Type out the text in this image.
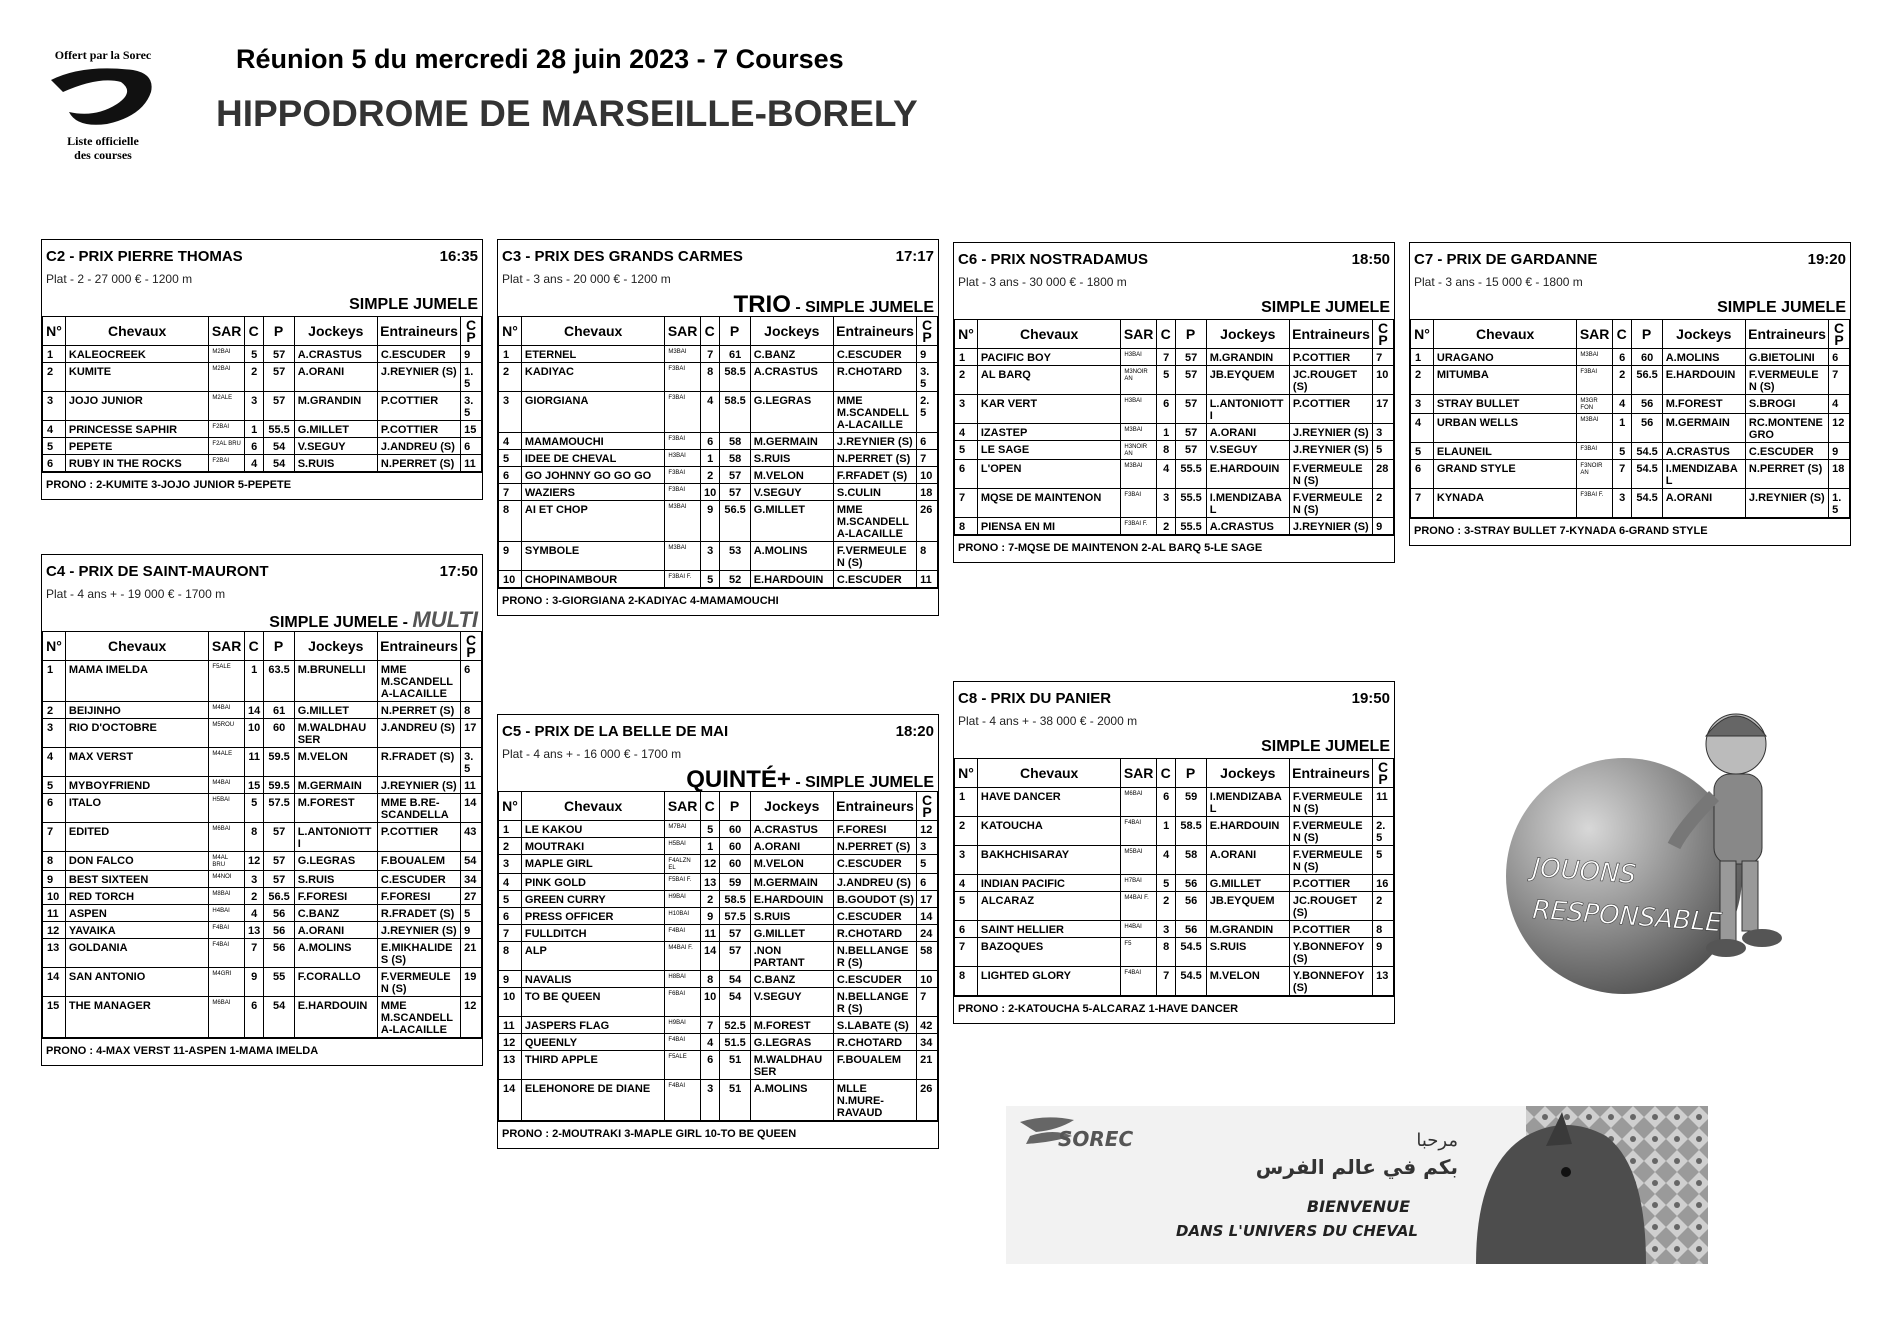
Offert par la Sorec
Liste officielle
des courses
Réunion 5 du mercredi 28 juin 2023 - 7 Courses
HIPPODROME DE MARSEILLE-BORELY
C2 - PRIX PIERRE THOMAS	16:35
Plat - 2 - 27 000 € - 1200 m
SIMPLE JUMELE
N°	Chevaux	SAR	C	P	Jockeys	Entraineurs	CP
1	KALEOCREEK	M2BAI	5	57	A.CRASTUS	C.ESCUDER	9
2	KUMITE	M2BAI	2	57	A.ORANI	J.REYNIER (S)	1.5
3	JOJO JUNIOR	M2ALE	3	57	M.GRANDIN	P.COTTIER	3.5
4	PRINCESSE SAPHIR	F2BAI	1	55.5	G.MILLET	P.COTTIER	15
5	PEPETE	F2AL BRU	6	54	V.SEGUY	J.ANDREU (S)	6
6	RUBY IN THE ROCKS	F2BAI	4	54	S.RUIS	N.PERRET (S)	11
PRONO : 2-KUMITE 3-JOJO JUNIOR 5-PEPETE
C3 - PRIX DES GRANDS CARMES	17:17
Plat - 3 ans - 20 000 € - 1200 m
TRIO - SIMPLE JUMELE
N°	Chevaux	SAR	C	P	Jockeys	Entraineurs	CP
1	ETERNEL	M3BAI	7	61	C.BANZ	C.ESCUDER	9
2	KADIYAC	F3BAI	8	58.5	A.CRASTUS	R.CHOTARD	3.5
3	GIORGIANA	F3BAI	4	58.5	G.LEGRAS	MME M.SCANDELL A-LACAILLE	2.5
4	MAMAMOUCHI	F3BAI	6	58	M.GERMAIN	J.REYNIER (S)	6
5	IDEE DE CHEVAL	H3BAI	1	58	S.RUIS	N.PERRET (S)	7
6	GO JOHNNY GO GO GO	F3BAI	2	57	M.VELON	F.RFADET (S)	10
7	WAZIERS	F3BAI	10	57	V.SEGUY	S.CULIN	18
8	AI ET CHOP	M3BAI	9	56.5	G.MILLET	MME M.SCANDELL A-LACAILLE	26
9	SYMBOLE	M3BAI	3	53	A.MOLINS	F.VERMEULE N (S)	8
10	CHOPINAMBOUR	F3BAI F.	5	52	E.HARDOUIN	C.ESCUDER	11
PRONO : 3-GIORGIANA 2-KADIYAC 4-MAMAMOUCHI
C4 - PRIX DE SAINT-MAURONT	17:50
Plat - 4 ans + - 19 000 € - 1700 m
SIMPLE JUMELE - MULTI
N°	Chevaux	SAR	C	P	Jockeys	Entraineurs	CP
1	MAMA IMELDA	F5ALE	1	63.5	M.BRUNELLI	MME M.SCANDELL A-LACAILLE	6
2	BEIJINHO	M4BAI	14	61	G.MILLET	N.PERRET (S)	8
3	RIO D'OCTOBRE	M5ROU	10	60	M.WALDHAU SER	J.ANDREU (S)	17
4	MAX VERST	M4ALE	11	59.5	M.VELON	R.FRADET (S)	3.5
5	MYBOYFRIEND	M4BAI	15	59.5	M.GERMAIN	J.REYNIER (S)	11
6	ITALO	H5BAI	5	57.5	M.FOREST	MME B.RE-SCANDELLA	14
7	EDITED	M6BAI	8	57	L.ANTONIOTT I	P.COTTIER	43
8	DON FALCO	M4AL BRU	12	57	G.LEGRAS	F.BOUALEM	54
9	BEST SIXTEEN	M4NOI	3	57	S.RUIS	C.ESCUDER	34
10	RED TORCH	M8BAI	2	56.5	F.FORESI	F.FORESI	27
11	ASPEN	H4BAI	4	56	C.BANZ	R.FRADET (S)	5
12	YAVAIKA	F4BAI	13	56	A.ORANI	J.REYNIER (S)	9
13	GOLDANIA	F4BAI	7	56	A.MOLINS	E.MIKHALIDE S (S)	21
14	SAN ANTONIO	M4GRI	9	55	F.CORALLO	F.VERMEULE N (S)	19
15	THE MANAGER	M6BAI	6	54	E.HARDOUIN	MME M.SCANDELL A-LACAILLE	12
PRONO : 4-MAX VERST 11-ASPEN 1-MAMA IMELDA
C5 - PRIX DE LA BELLE DE MAI	18:20
Plat - 4 ans + - 16 000 € - 1700 m
QUINTÉ+ - SIMPLE JUMELE
N°	Chevaux	SAR	C	P	Jockeys	Entraineurs	CP
1	LE KAKOU	M7BAI	5	60	A.CRASTUS	F.FORESI	12
2	MOUTRAKI	H5BAI	1	60	A.ORANI	N.PERRET (S)	3
3	MAPLE GIRL	F4ALZN EL	12	60	M.VELON	C.ESCUDER	5
4	PINK GOLD	F5BAI F.	13	59	M.GERMAIN	J.ANDREU (S)	6
5	GREEN CURRY	H9BAI	2	58.5	E.HARDOUIN	B.GOUDOT (S)	17
6	PRESS OFFICER	H10BAI	9	57.5	S.RUIS	C.ESCUDER	14
7	FULLDITCH	F4BAI	11	57	G.MILLET	R.CHOTARD	24
8	ALP	M4BAI F.	14	57	.NON PARTANT	N.BELLANGE R (S)	58
9	NAVALIS	H8BAI	8	54	C.BANZ	C.ESCUDER	10
10	TO BE QUEEN	F6BAI	10	54	V.SEGUY	N.BELLANGE R (S)	7
11	JASPERS FLAG	H9BAI	7	52.5	M.FOREST	S.LABATE (S)	42
12	QUEENLY	F4BAI	4	51.5	G.LEGRAS	R.CHOTARD	34
13	THIRD APPLE	F5ALE	6	51	M.WALDHAU SER	F.BOUALEM	21
14	ELEHONORE DE DIANE	F4BAI	3	51	A.MOLINS	MLLE N.MURE-RAVAUD	26
PRONO : 2-MOUTRAKI 3-MAPLE GIRL 10-TO BE QUEEN
C6 - PRIX NOSTRADAMUS	18:50
Plat - 3 ans - 30 000 € - 1800 m
SIMPLE JUMELE
N°	Chevaux	SAR	C	P	Jockeys	Entraineurs	CP
1	PACIFIC BOY	H3BAI	7	57	M.GRANDIN	P.COTTIER	7
2	AL BARQ	M3NOIR AN	5	57	JB.EYQUEM	JC.ROUGET (S)	10
3	KAR VERT	H3BAI	6	57	L.ANTONIOTT I	P.COTTIER	17
4	IZASTEP	M3BAI	1	57	A.ORANI	J.REYNIER (S)	3
5	LE SAGE	H3NOIR AN	8	57	V.SEGUY	J.REYNIER (S)	5
6	L'OPEN	M3BAI	4	55.5	E.HARDOUIN	F.VERMEULE N (S)	28
7	MQSE DE MAINTENON	F3BAI	3	55.5	I.MENDIZABA L	F.VERMEULE N (S)	2
8	PIENSA EN MI	F3BAI F.	2	55.5	A.CRASTUS	J.REYNIER (S)	9
PRONO : 7-MQSE DE MAINTENON 2-AL BARQ 5-LE SAGE
C7 - PRIX DE GARDANNE	19:20
Plat - 3 ans - 15 000 € - 1800 m
SIMPLE JUMELE
N°	Chevaux	SAR	C	P	Jockeys	Entraineurs	CP
1	URAGANO	M3BAI	6	60	A.MOLINS	G.BIETOLINI	6
2	MITUMBA	F3BAI	2	56.5	E.HARDOUIN	F.VERMEULE N (S)	7
3	STRAY BULLET	M3GR FON	4	56	M.FOREST	S.BROGI	4
4	URBAN WELLS	M3BAI	1	56	M.GERMAIN	RC.MONTENE GRO	12
5	ELAUNEIL	F3BAI	5	54.5	A.CRASTUS	C.ESCUDER	9
6	GRAND STYLE	F3NOIR AN	7	54.5	I.MENDIZABA L	N.PERRET (S)	18
7	KYNADA	F3BAI F.	3	54.5	A.ORANI	J.REYNIER (S)	1.5
PRONO : 3-STRAY BULLET 7-KYNADA 6-GRAND STYLE
C8 - PRIX DU PANIER	19:50
Plat - 4 ans + - 38 000 € - 2000 m
SIMPLE JUMELE
N°	Chevaux	SAR	C	P	Jockeys	Entraineurs	CP
1	HAVE DANCER	M6BAI	6	59	I.MENDIZABA L	F.VERMEULE N (S)	11
2	KATOUCHA	F4BAI	1	58.5	E.HARDOUIN	F.VERMEULE N (S)	2.5
3	BAKHCHISARAY	M5BAI	4	58	A.ORANI	F.VERMEULE N (S)	5
4	INDIAN PACIFIC	H7BAI	5	56	G.MILLET	P.COTTIER	16
5	ALCARAZ	M4BAI F.	2	56	JB.EYQUEM	JC.ROUGET (S)	2
6	SAINT HELLIER	H4BAI	3	56	M.GRANDIN	P.COTTIER	8
7	BAZOQUES	F5	8	54.5	S.RUIS	Y.BONNEFOY (S)	9
8	LIGHTED GLORY	F4BAI	7	54.5	M.VELON	Y.BONNEFOY (S)	13
PRONO : 2-KATOUCHA 5-ALCARAZ 1-HAVE DANCER
JOUONS
RESPONSABLE
SOREC	مرحبا
بكم في عالم الفرس
BIENVENUE
DANS L'UNIVERS DU CHEVAL
